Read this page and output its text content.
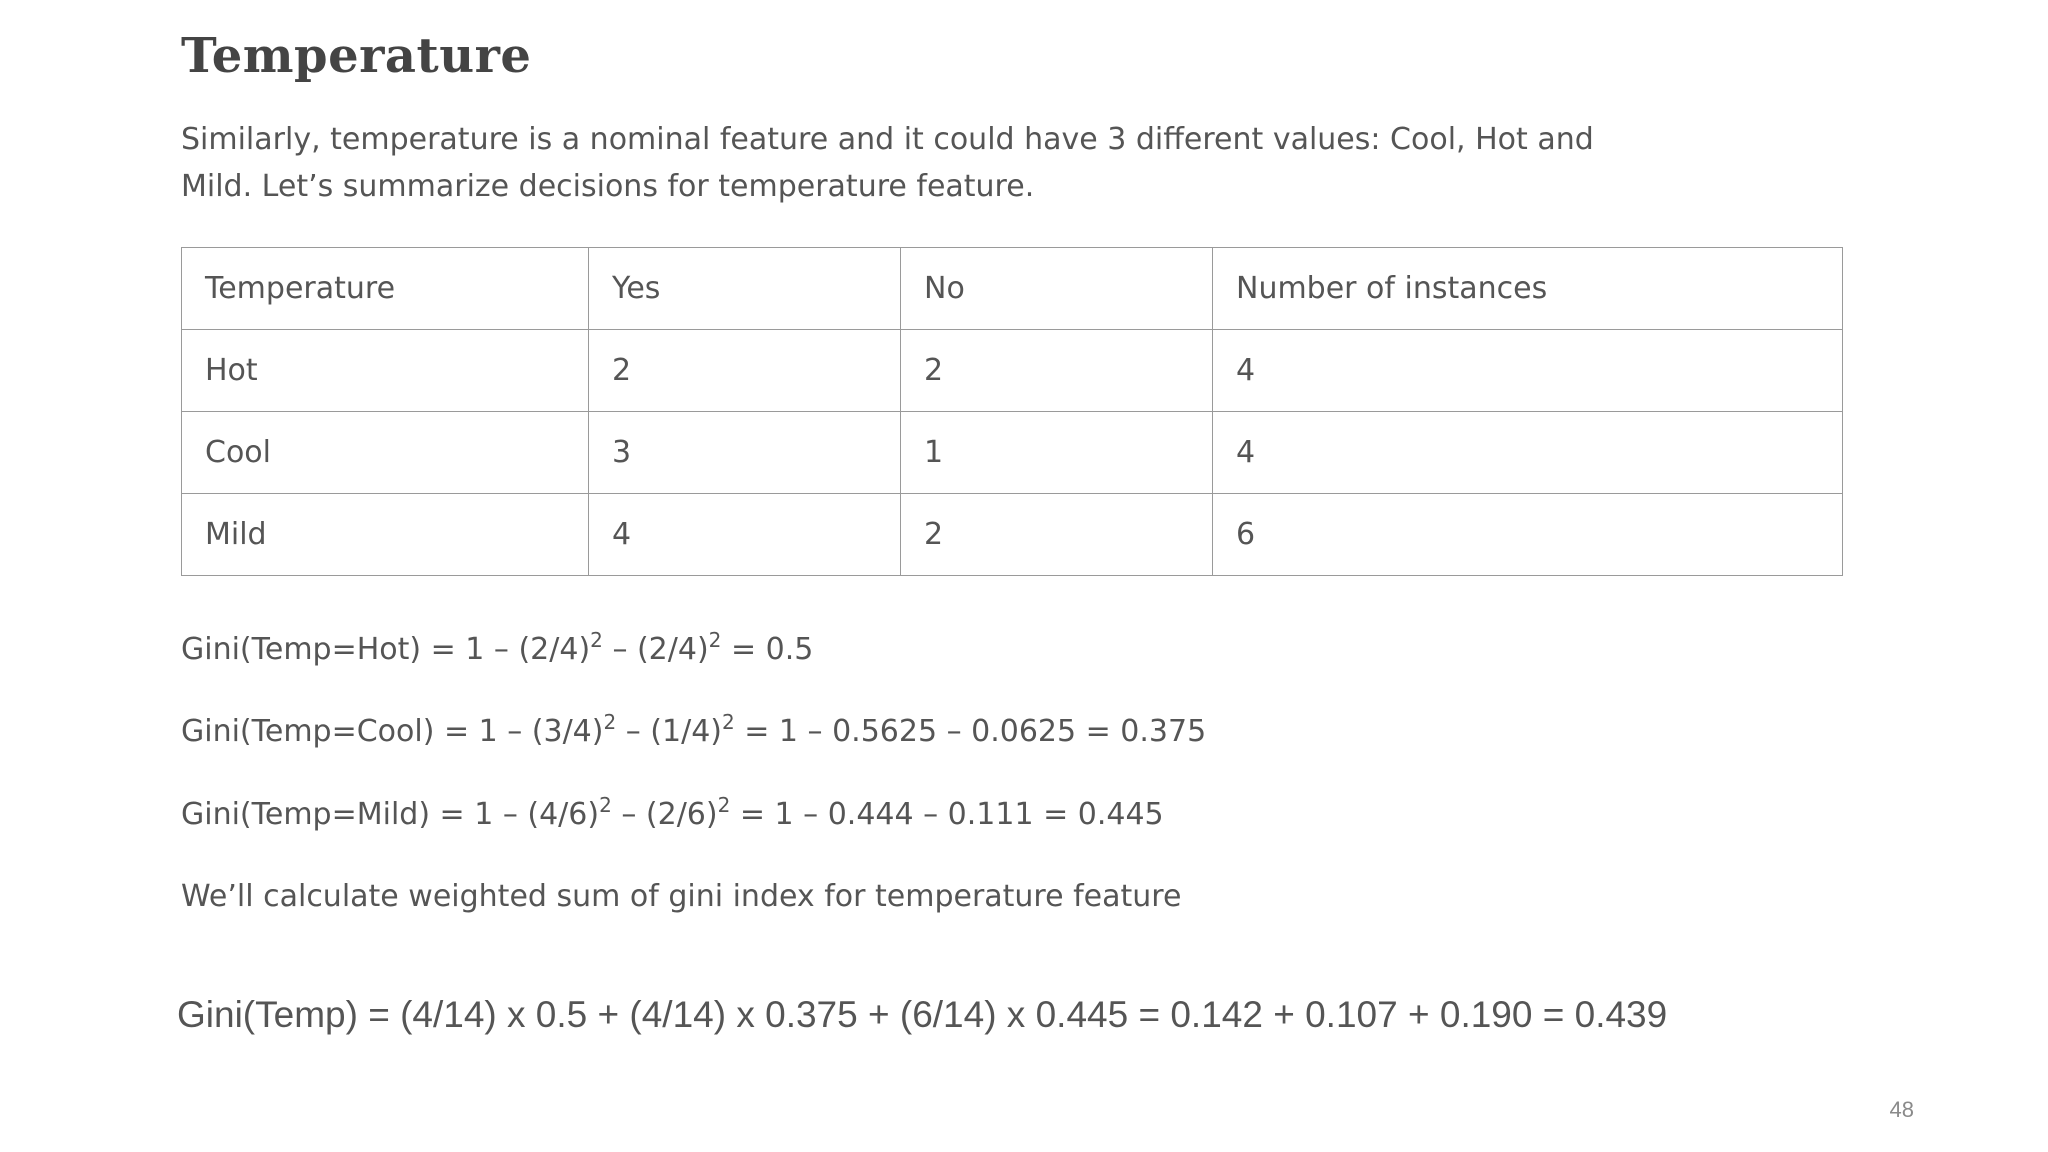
Temperature
Similarly, temperature is a nominal feature and it could have 3 different values: Cool, Hot and
Mild. Let’s summarize decisions for temperature feature.
Temperature	Yes	No	Number of instances
Hot	2	2	4
Cool	3	1	4
Mild	4	2	6
Gini(Temp=Hot) = $1 - (2/4)^2 - (2/4)^2 = 0.5$
Gini(Temp=Cool) = $1 - (3/4)^2 - (1/4)^2 = 1 - 0.5625 - 0.0625 = 0.375$
Gini(Temp=Mild) = $1 - (4/6)^2 - (2/6)^2 = 1 - 0.444 - 0.111 = 0.445$
We’ll calculate weighted sum of gini index for temperature feature
Gini(Temp) = (4/14) x 0.5 + (4/14) x 0.375 + (6/14) x 0.445 = 0.142 + 0.107 + 0.190 = 0.439
48
